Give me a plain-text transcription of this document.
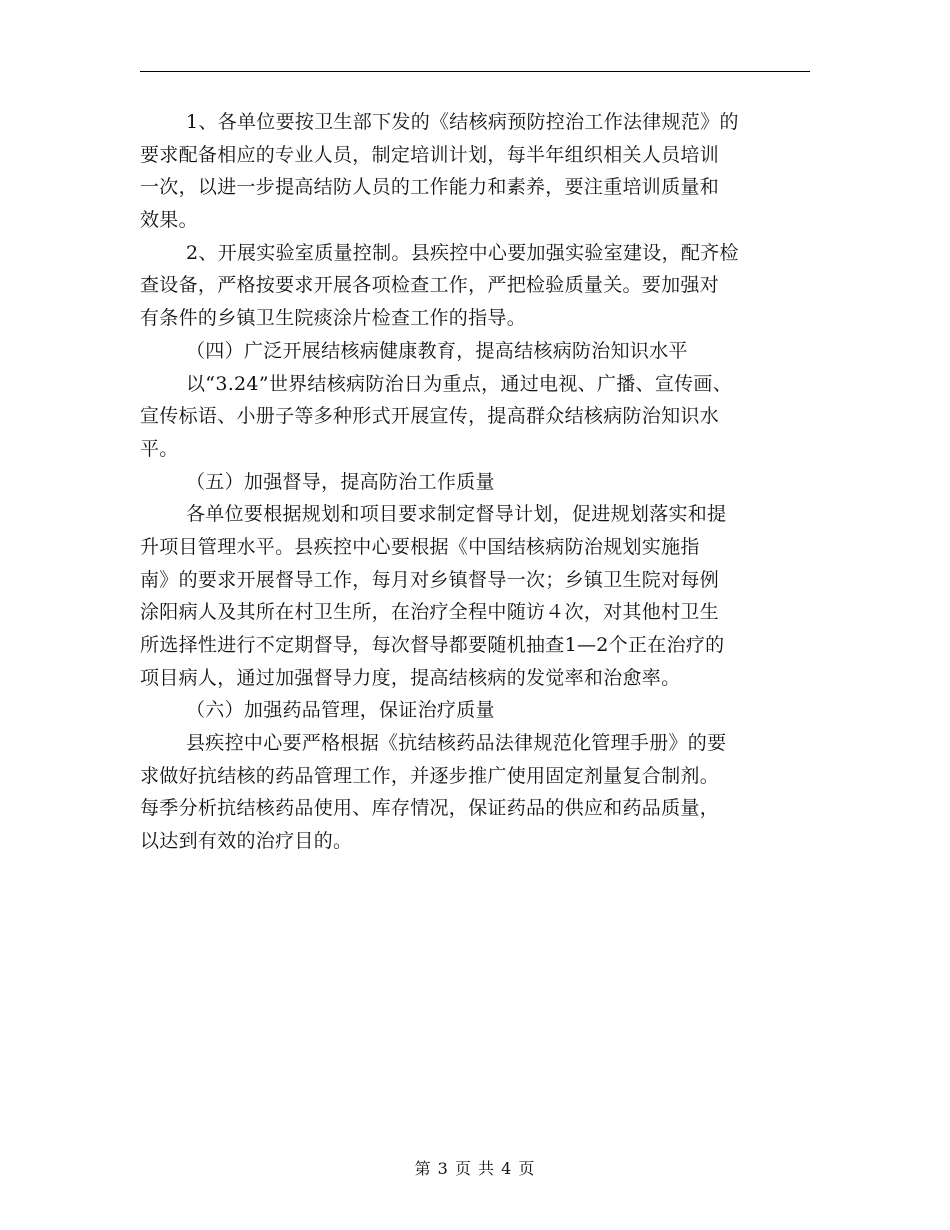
1、各单位要按卫生部下发的《结核病预防控治工作法律规范》的
要求配备相应的专业人员，制定培训计划，每半年组织相关人员培训
一次，以进一步提高结防人员的工作能力和素养，要注重培训质量和
效果。
2、开展实验室质量控制。县疾控中心要加强实验室建设，配齐检
查设备，严格按要求开展各项检查工作，严把检验质量关。要加强对
有条件的乡镇卫生院痰涂片检查工作的指导。
（四）广泛开展结核病健康教育，提高结核病防治知识水平
以“3.24”世界结核病防治日为重点，通过电视、广播、宣传画、
宣传标语、小册子等多种形式开展宣传，提高群众结核病防治知识水
平。
（五）加强督导，提高防治工作质量
各单位要根据规划和项目要求制定督导计划，促进规划落实和提
升项目管理水平。县疾控中心要根据《中国结核病防治规划实施指
南》的要求开展督导工作，每月对乡镇督导一次；乡镇卫生院对每例
涂阳病人及其所在村卫生所，在治疗全程中随访４次，对其他村卫生
所选择性进行不定期督导，每次督导都要随机抽查1—2个正在治疗的
项目病人，通过加强督导力度，提高结核病的发觉率和治愈率。
（六）加强药品管理，保证治疗质量
县疾控中心要严格根据《抗结核药品法律规范化管理手册》的要
求做好抗结核的药品管理工作，并逐步推广使用固定剂量复合制剂。
每季分析抗结核药品使用、库存情况，保证药品的供应和药品质量，
以达到有效的治疗目的。
第 3 页 共 4 页
